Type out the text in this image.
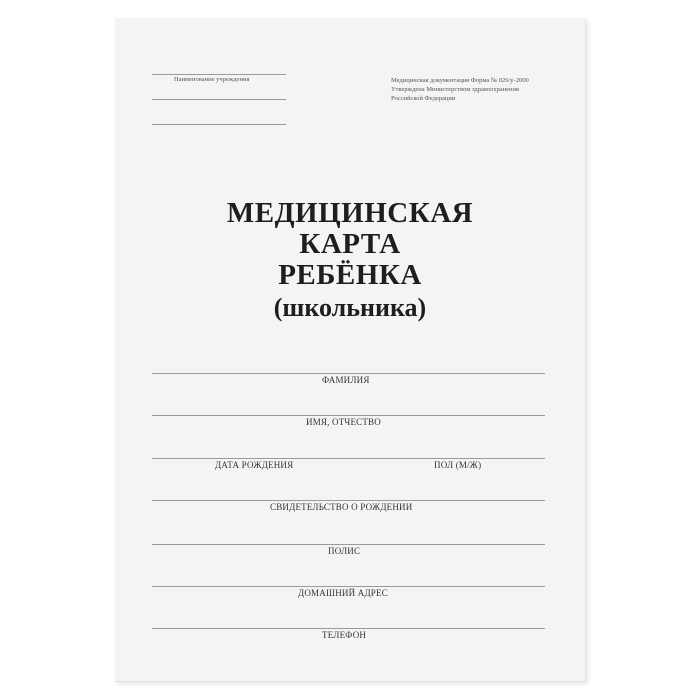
Наименование учреждения	Медицинская документация Форма № 026/у-2000
Утверждена Министерством здравоохранения
Российской Федерации
МЕДИЦИНСКАЯ
КАРТА
РЕБЁНКА
(школьника)
ФАМИЛИЯ
ИМЯ, ОТЧЕСТВО
ДАТА РОЖДЕНИЯ	ПОЛ (М/Ж)
СВИДЕТЕЛЬСТВО О РОЖДЕНИИ
ПОЛИС
ДОМАШНИЙ АДРЕС
ТЕЛЕФОН
